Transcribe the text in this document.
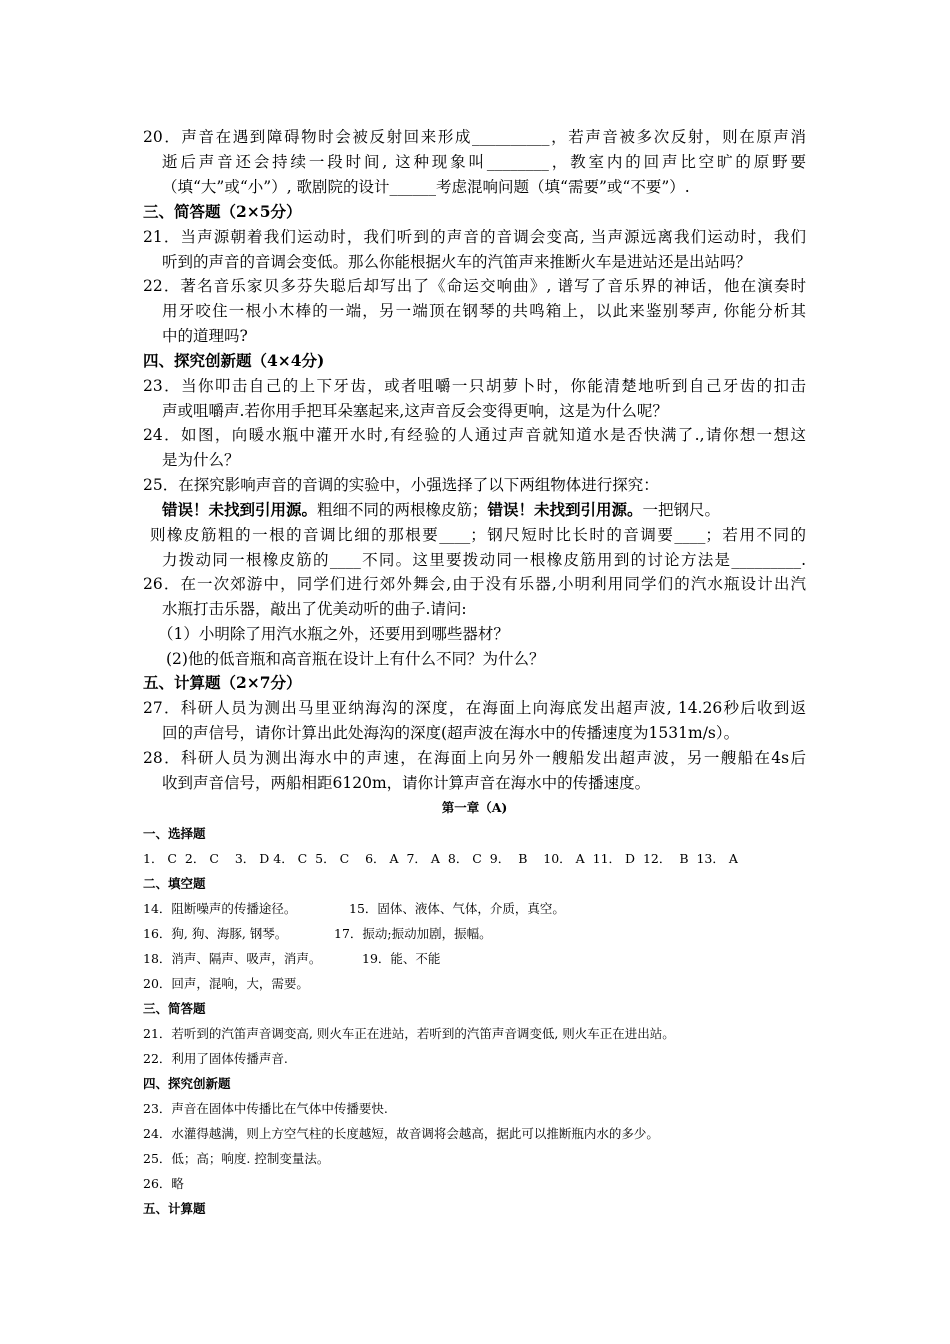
20．声音在遇到障碍物时会被反射回来形成__________，若声音被多次反射，则在原声消
逝后声音还会持续一段时间, 这种现象叫________，教室内的回声比空旷的原野要
（填“大”或“小”）, 歌剧院的设计______考虑混响问题（填“需要”或“不要”）.
三、简答题（2×5分）
21．当声源朝着我们运动时，我们听到的声音的音调会变高, 当声源远离我们运动时，我们
听到的声音的音调会变低。那么你能根据火车的汽笛声来推断火车是进站还是出站吗？
22．著名音乐家贝多芬失聪后却写出了《命运交响曲》, 谱写了音乐界的神话，他在演奏时
用牙咬住一根小木棒的一端，另一端顶在钢琴的共鸣箱上，以此来鉴别琴声, 你能分析其
中的道理吗?
四、探究创新题（4×4分)
23．当你叩击自己的上下牙齿，或者咀嚼一只胡萝卜时，你能清楚地听到自己牙齿的扣击
声或咀嚼声.若你用手把耳朵塞起来,这声音反会变得更响，这是为什么呢？
24．如图，向暖水瓶中灌开水时,有经验的人通过声音就知道水是否快满了.,请你想一想这
是为什么？
25．在探究影响声音的音调的实验中，小强选择了以下两组物体进行探究：
错误！未找到引用源。粗细不同的两根橡皮筋；错误！未找到引用源。一把钢尺。
则橡皮筋粗的一根的音调比细的那根要____；钢尺短时比长时的音调要____；若用不同的
力拨动同一根橡皮筋的____不同。这里要拨动同一根橡皮筋用到的讨论方法是_________.
26．在一次郊游中，同学们进行郊外舞会,由于没有乐器,小明利用同学们的汽水瓶设计出汽
水瓶打击乐器，敲出了优美动听的曲子.请问:
（1）小明除了用汽水瓶之外，还要用到哪些器材？
(2)他的低音瓶和高音瓶在设计上有什么不同？为什么？
五、计算题（2×7分）
27．科研人员为测出马里亚纳海沟的深度，在海面上向海底发出超声波, 14.26秒后收到返
回的声信号，请你计算出此处海沟的深度(超声波在海水中的传播速度为1531m/s）。
28．科研人员为测出海水中的声速，在海面上向另外一艘船发出超声波，另一艘船在4s后
收到声音信号，两船相距6120m，请你计算声音在海水中的传播速度。
第一章（A)
一、选择题
1． C  2． C    3． D 4． C  5． C    6． A  7． A  8． C  9．  B    10． A  11． D  12．  B  13． A
二、填空题
14．阻断噪声的传播途径。	15．固体、液体、气体，介质，真空。
16．狗, 狗、海豚, 钢琴。	17．振动;振动加剧，振幅。
18．消声、隔声、吸声，消声。	19．能、不能
20．回声，混响，大，需要。
三、简答题
21．若听到的汽笛声音调变高, 则火车正在进站，若听到的汽笛声音调变低, 则火车正在进出站。
22．利用了固体传播声音.
四、探究创新题
23．声音在固体中传播比在气体中传播要快.
24．水灌得越满，则上方空气柱的长度越短，故音调将会越高，据此可以推断瓶内水的多少。
25．低；高；响度. 控制变量法。
26．略
五、计算题
